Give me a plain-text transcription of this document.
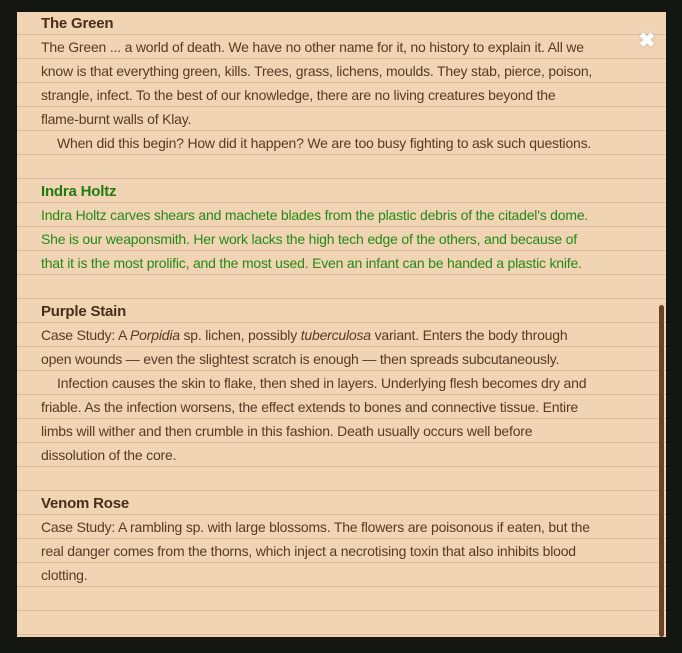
The Green
The Green ... a world of death. We have no other name for it, no history to explain it. All we
know is that everything green, kills. Trees, grass, lichens, moulds. They stab, pierce, poison,
strangle, infect. To the best of our knowledge, there are no living creatures beyond the
flame-burnt walls of Klay.
When did this begin? How did it happen? We are too busy fighting to ask such questions.
Indra Holtz
Indra Holtz carves shears and machete blades from the plastic debris of the citadel's dome.
She is our weaponsmith. Her work lacks the high tech edge of the others, and because of
that it is the most prolific, and the most used. Even an infant can be handed a plastic knife.
Purple Stain
Case Study: A Porpidia sp. lichen, possibly tuberculosa variant. Enters the body through
open wounds — even the slightest scratch is enough — then spreads subcutaneously.
Infection causes the skin to flake, then shed in layers. Underlying flesh becomes dry and
friable. As the infection worsens, the effect extends to bones and connective tissue. Entire
limbs will wither and then crumble in this fashion. Death usually occurs well before
dissolution of the core.
Venom Rose
Case Study: A rambling sp. with large blossoms. The flowers are poisonous if eaten, but the
real danger comes from the thorns, which inject a necrotising toxin that also inhibits blood
clotting.
✖
